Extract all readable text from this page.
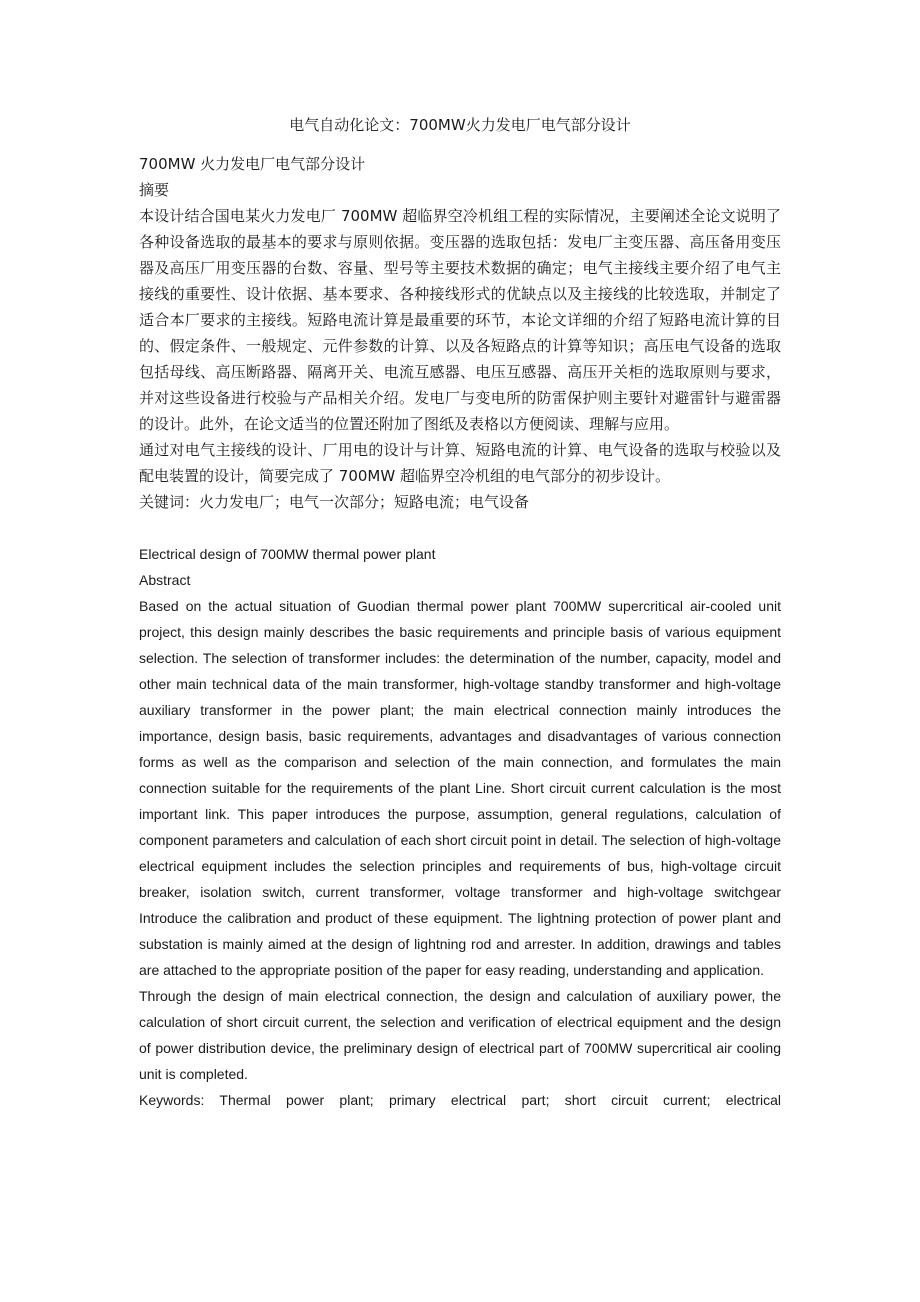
电气自动化论文：700MW火力发电厂电气部分设计

700MW 火力发电厂电气部分设计

摘要

本设计结合国电某火力发电厂 700MW 超临界空冷机组工程的实际情况，主要阐述全论文说明了各种设备选取的最基本的要求与原则依据。变压器的选取包括：发电厂主变压器、高压备用变压器及高压厂用变压器的台数、容量、型号等主要技术数据的确定；电气主接线主要介绍了电气主接线的重要性、设计依据、基本要求、各种接线形式的优缺点以及主接线的比较选取，并制定了适合本厂要求的主接线。短路电流计算是最重要的环节，本论文详细的介绍了短路电流计算的目的、假定条件、一般规定、元件参数的计算、以及各短路点的计算等知识；高压电气设备的选取包括母线、高压断路器、隔离开关、电流互感器、电压互感器、高压开关柜的选取原则与要求，并对这些设备进行校验与产品相关介绍。发电厂与变电所的防雷保护则主要针对避雷针与避雷器的设计。此外，在论文适当的位置还附加了图纸及表格以方便阅读、理解与应用。

通过对电气主接线的设计、厂用电的设计与计算、短路电流的计算、电气设备的选取与校验以及配电装置的设计，简要完成了 700MW 超临界空冷机组的电气部分的初步设计。

关键词：火力发电厂；电气一次部分；短路电流；电气设备

Electrical design of 700MW thermal power plant

Abstract

Based on the actual situation of Guodian thermal power plant 700MW supercritical air-cooled unit project, this design mainly describes the basic requirements and principle basis of various equipment selection. The selection of transformer includes: the determination of the number, capacity, model and other main technical data of the main transformer, high-voltage standby transformer and high-voltage auxiliary transformer in the power plant; the main electrical connection mainly introduces the importance, design basis, basic requirements, advantages and disadvantages of various connection forms as well as the comparison and selection of the main connection, and formulates the main connection suitable for the requirements of the plant Line. Short circuit current calculation is the most important link. This paper introduces the purpose, assumption, general regulations, calculation of component parameters and calculation of each short circuit point in detail. The selection of high-voltage electrical equipment includes the selection principles and requirements of bus, high-voltage circuit breaker, isolation switch, current transformer, voltage transformer and high-voltage switchgear Introduce the calibration and product of these equipment. The lightning protection of power plant and substation is mainly aimed at the design of lightning rod and arrester. In addition, drawings and tables are attached to the appropriate position of the paper for easy reading, understanding and application.

Through the design of main electrical connection, the design and calculation of auxiliary power, the calculation of short circuit current, the selection and verification of electrical equipment and the design of power distribution device, the preliminary design of electrical part of 700MW supercritical air cooling unit is completed.

Keywords: Thermal power plant; primary electrical part; short circuit current; electrical
